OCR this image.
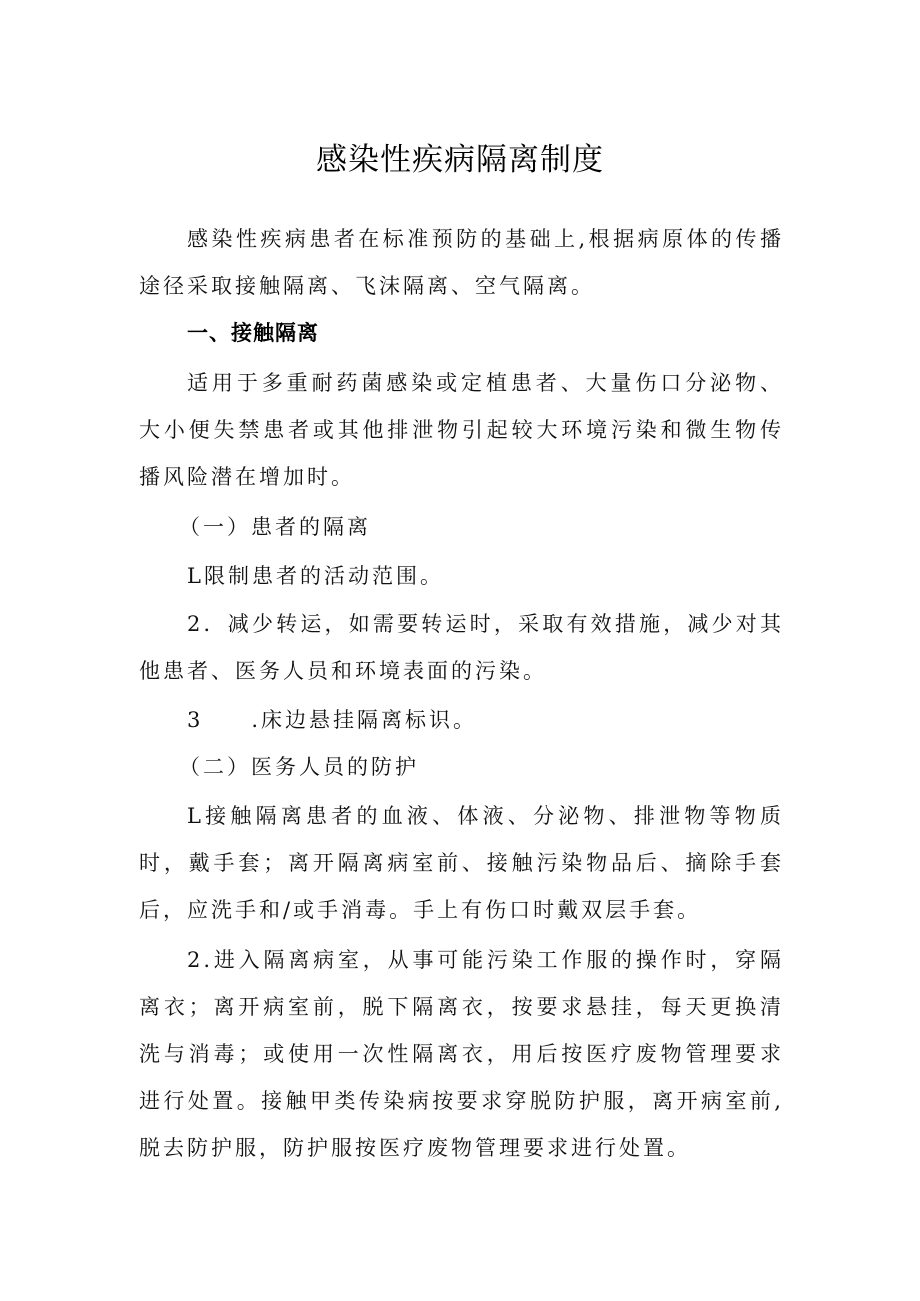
感染性疾病隔离制度

感染性疾病患者在标准预防的基础上,根据病原体的传播途径采取接触隔离、飞沫隔离、空气隔离。

一、接触隔离

适用于多重耐药菌感染或定植患者、大量伤口分泌物、大小便失禁患者或其他排泄物引起较大环境污染和微生物传播风险潜在增加时。

（一）患者的隔离

L限制患者的活动范围。

2．减少转运，如需要转运时，采取有效措施，减少对其他患者、医务人员和环境表面的污染。

3　　.床边悬挂隔离标识。

（二）医务人员的防护

L接触隔离患者的血液、体液、分泌物、排泄物等物质时，戴手套；离开隔离病室前、接触污染物品后、摘除手套后，应洗手和/或手消毒。手上有伤口时戴双层手套。

2.进入隔离病室，从事可能污染工作服的操作时，穿隔离衣；离开病室前，脱下隔离衣，按要求悬挂，每天更换清洗与消毒；或使用一次性隔离衣，用后按医疗废物管理要求进行处置。接触甲类传染病按要求穿脱防护服，离开病室前,脱去防护服，防护服按医疗废物管理要求进行处置。
